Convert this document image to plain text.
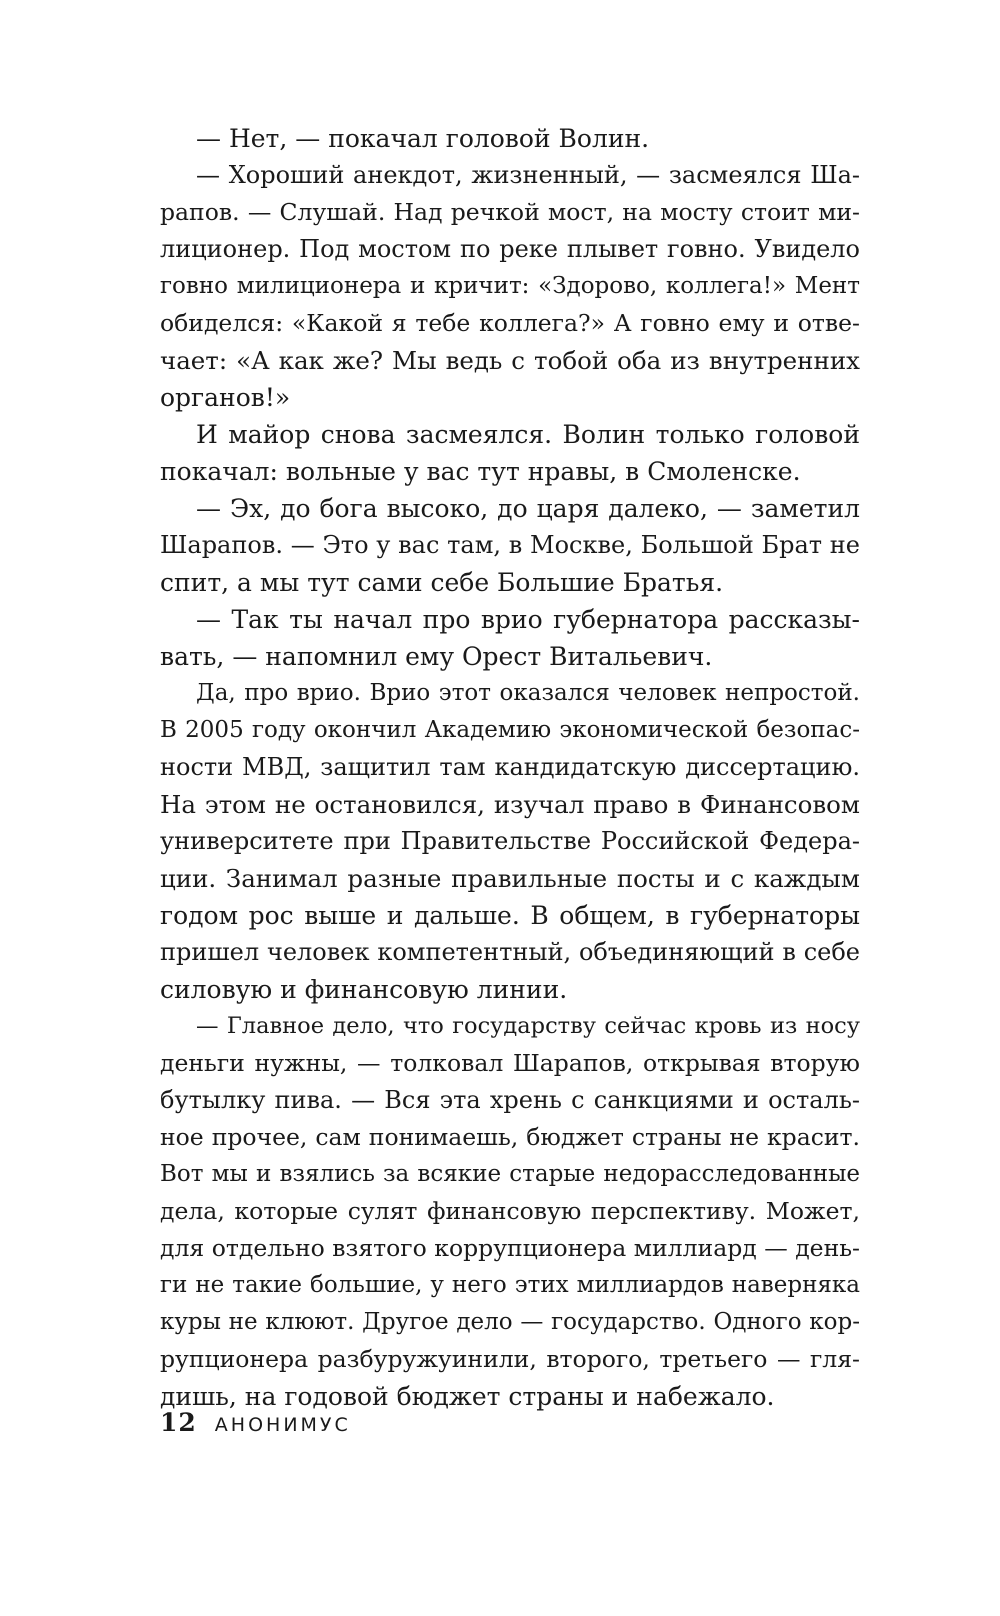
— Нет, — покачал головой Волин.
— Хороший анекдот, жизненный, — засмеялся Ша-
рапов. — Слушай. Над речкой мост, на мосту стоит ми-
лиционер. Под мостом по реке плывет говно. Увидело
говно милиционера и кричит: «Здорово, коллега!» Мент
обиделся: «Какой я тебе коллега?» А говно ему и отве-
чает: «А как же? Мы ведь с тобой оба из внутренних
органов!»
И майор снова засмеялся. Волин только головой
покачал: вольные у вас тут нравы, в Смоленске.
— Эх, до бога высоко, до царя далеко, — заметил
Шарапов. — Это у вас там, в Москве, Большой Брат не
спит, а мы тут сами себе Большие Братья.
— Так ты начал про врио губернатора рассказы-
вать, — напомнил ему Орест Витальевич.
Да, про врио. Врио этот оказался человек непростой.
В 2005 году окончил Академию экономической безопас-
ности МВД, защитил там кандидатскую диссертацию.
На этом не остановился, изучал право в Финансовом
университете при Правительстве Российской Федера-
ции. Занимал разные правильные посты и с каждым
годом рос выше и дальше. В общем, в губернаторы
пришел человек компетентный, объединяющий в себе
силовую и финансовую линии.
— Главное дело, что государству сейчас кровь из носу
деньги нужны, — толковал Шарапов, открывая вторую
бутылку пива. — Вся эта хрень с санкциями и осталь-
ное прочее, сам понимаешь, бюджет страны не красит.
Вот мы и взялись за всякие старые недорасследованные
дела, которые сулят финансовую перспективу. Может,
для отдельно взятого коррупционера миллиард — день-
ги не такие большие, у него этих миллиардов наверняка
куры не клюют. Другое дело — государство. Одного кор-
рупционера разбуружуинили, второго, третьего — гля-
дишь, на годовой бюджет страны и набежало.
12 АНОНИМУС
